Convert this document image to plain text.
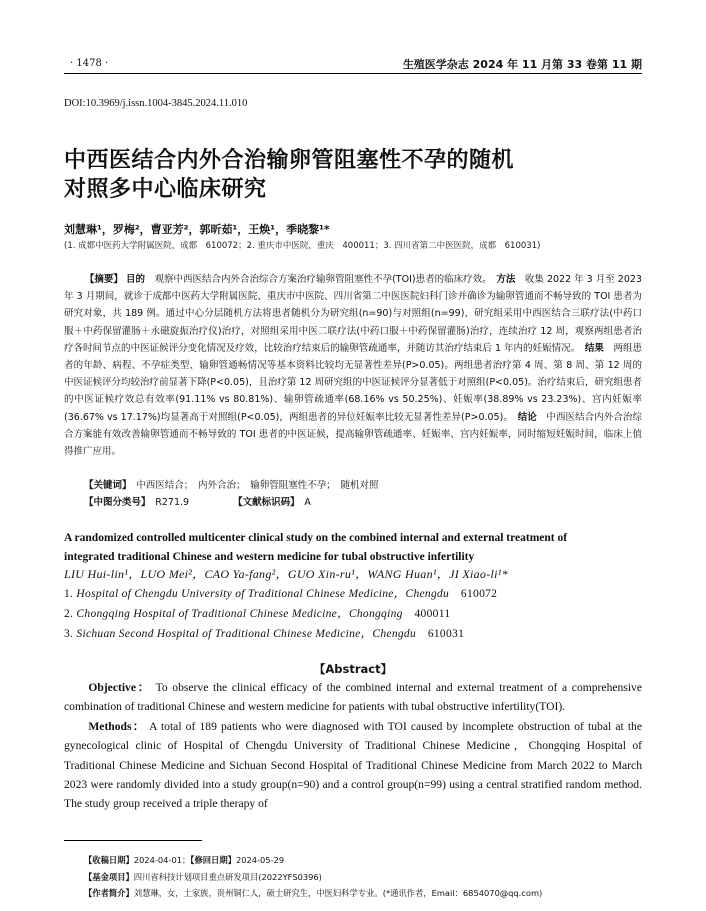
· 1478 ·	生殖医学杂志 2024 年 11 月第 33 卷第 11 期
DOI:10.3969/j.issn.1004-3845.2024.11.010
中西医结合内外合治输卵管阻塞性不孕的随机
对照多中心临床研究
刘慧琳¹，罗梅²，曹亚芳²，郭昕茹¹，王焕¹，季晓黎¹*
(1. 成都中医药大学附属医院，成都　610072；2. 重庆市中医院，重庆　400011；3. 四川省第二中医医院，成都　610031)

【摘要】 目的　 观察中西医结合内外合治综合方案治疗输卵管阻塞性不孕(TOI)患者的临床疗效。　 方法　 收集 2022 年 3 月至 2023 年 3 月期间，就诊于成都中医药大学附属医院、重庆市中医院、四川省第二中医医院妇科门诊并确诊为输卵管通而不畅导致的 TOI 患者为研究对象，共 189 例。通过中心分层随机方法将患者随机分为研究组(n=90)与对照组(n=99)，研究组采用中西医结合三联疗法(中药口服＋中药保留灌肠＋永磁旋振治疗仪)治疗，对照组采用中医二联疗法(中药口服＋中药保留灌肠)治疗，连续治疗 12 周，观察两组患者治疗各时间节点的中医证候评分变化情况及疗效，比较治疗结束后的输卵管疏通率，并随访其治疗结束后 1 年内的妊娠情况。　 结果　 两组患者的年龄、病程、不孕症类型、输卵管通畅情况等基本资料比较均无显著性差异(P>0.05)。两组患者治疗第 4 周、第 8 周、第 12 周的中医证候评分均较治疗前显著下降(P<0.05)，且治疗第 12 周研究组的中医证候评分显著低于对照组(P<0.05)。治疗结束后，研究组患者的中医证候疗效总有效率(91.11% vs 80.81%)、输卵管疏通率(68.16% vs 50.25%)、妊娠率(38.89% vs 23.23%)、宫内妊娠率(36.67% vs 17.17%)均显著高于对照组(P<0.05)，两组患者的异位妊娠率比较无显著性差异(P>0.05)。　 结论　 中西医结合内外合治综合方案能有效改善输卵管通而不畅导致的 TOI 患者的中医证候，提高输卵管疏通率、妊娠率、宫内妊娠率，同时缩短妊娠时间，临床上值得推广应用。

【关键词】　 中西医结合；　内外合治；　输卵管阻塞性不孕；　随机对照
【中图分类号】　 R271.9	【文献标识码】　 A
A randomized controlled multicenter clinical study on the combined internal and external treatment of
integrated traditional Chinese and western medicine for tubal obstructive infertility
LIU Hui-lin¹，LUO Mei²，CAO Ya-fang²，GUO Xin-ru¹，WANG Huan¹，JI Xiao-li¹*
1. Hospital of Chengdu University of Traditional Chinese Medicine，Chengdu　 610072
2. Chongqing Hospital of Traditional Chinese Medicine，Chongqing　 400011
3. Sichuan Second Hospital of Traditional Chinese Medicine，Chengdu　 610031
【Abstract】

Objective： To observe the clinical efficacy of the combined internal and external treatment of a comprehensive combination of traditional Chinese and western medicine for patients with tubal obstructive infertility(TOI).

Methods： A total of 189 patients who were diagnosed with TOI caused by incomplete obstruction of tubal at the gynecological clinic of Hospital of Chengdu University of Traditional Chinese Medicine，Chongqing Hospital of Traditional Chinese Medicine and Sichuan Second Hospital of Traditional Chinese Medicine from March 2022 to March 2023 were randomly divided into a study group(n=90) and a control group(n=99) using a central stratified random method. The study group received a triple therapy of

【收稿日期】2024-04-01；【修回日期】2024-05-29
【基金项目】四川省科技计划项目重点研发项目(2022YFS0396)
【作者简介】刘慧琳，女，土家族，贵州铜仁人，硕士研究生，中医妇科学专业。(*通讯作者，Email：6854070@qq.com)
